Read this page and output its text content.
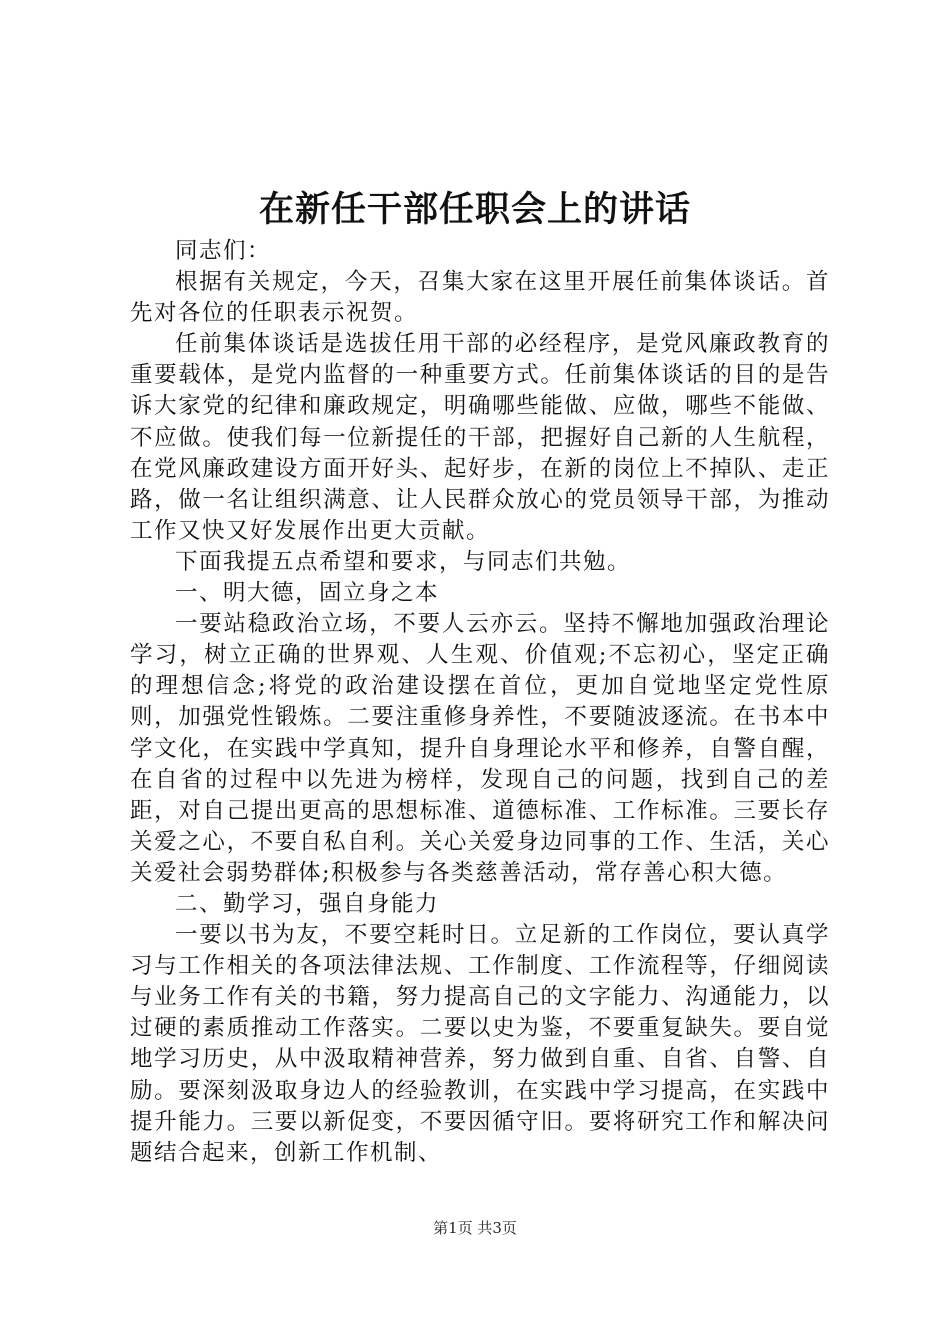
在新任干部任职会上的讲话

同志们：

根据有关规定，今天，召集大家在这里开展任前集体谈话。首先对各位的任职表示祝贺。

任前集体谈话是选拔任用干部的必经程序，是党风廉政教育的重要载体，是党内监督的一种重要方式。任前集体谈话的目的是告诉大家党的纪律和廉政规定，明确哪些能做、应做，哪些不能做、不应做。使我们每一位新提任的干部，把握好自己新的人生航程，在党风廉政建设方面开好头、起好步，在新的岗位上不掉队、走正路，做一名让组织满意、让人民群众放心的党员领导干部，为推动工作又快又好发展作出更大贡献。

下面我提五点希望和要求，与同志们共勉。

一、明大德，固立身之本

一要站稳政治立场，不要人云亦云。坚持不懈地加强政治理论学习，树立正确的世界观、人生观、价值观;不忘初心，坚定正确的理想信念;将党的政治建设摆在首位，更加自觉地坚定党性原则，加强党性锻炼。二要注重修身养性，不要随波逐流。在书本中学文化，在实践中学真知，提升自身理论水平和修养，自警自醒，在自省的过程中以先进为榜样，发现自己的问题，找到自己的差距，对自己提出更高的思想标准、道德标准、工作标准。三要长存关爱之心，不要自私自利。关心关爱身边同事的工作、生活，关心关爱社会弱势群体;积极参与各类慈善活动，常存善心积大德。

二、勤学习，强自身能力

一要以书为友，不要空耗时日。立足新的工作岗位，要认真学习与工作相关的各项法律法规、工作制度、工作流程等，仔细阅读与业务工作有关的书籍，努力提高自己的文字能力、沟通能力，以过硬的素质推动工作落实。二要以史为鉴，不要重复缺失。要自觉地学习历史，从中汲取精神营养，努力做到自重、自省、自警、自励。要深刻汲取身边人的经验教训，在实践中学习提高，在实践中提升能力。三要以新促变，不要因循守旧。要将研究工作和解决问题结合起来，创新工作机制、

第1页 共3页
